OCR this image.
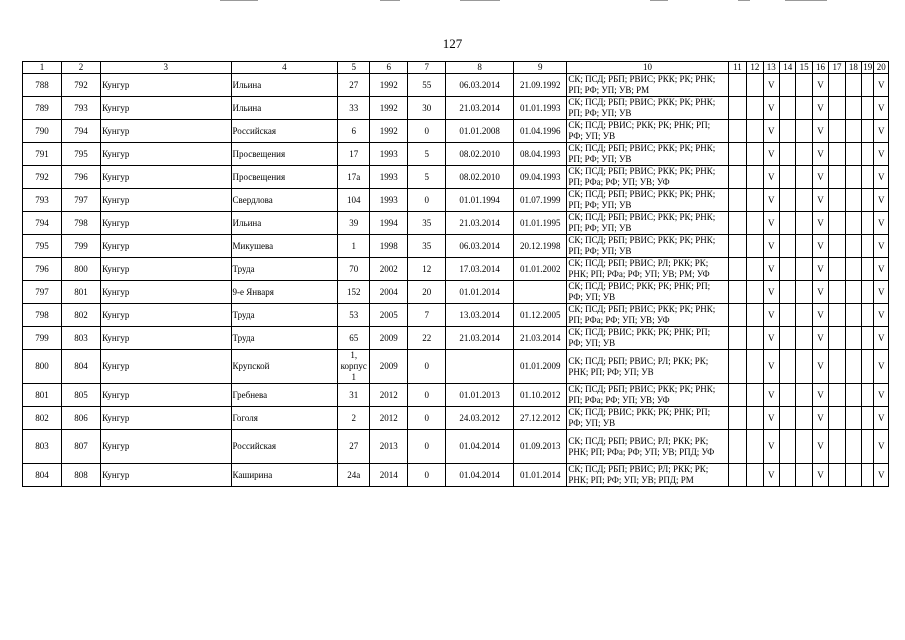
127
1	2	3	4	5	6	7	8	9	10	11	12	13	14	15	16	17	18	19	20
788	792	Кунгур	Ильина	27	1992	55	06.03.2014	21.09.1992	СК; ПСД; РБП; РВИС; РКК; РК; РНК; РП; РФ; УП; УВ; РМ			V			V				V
789	793	Кунгур	Ильина	33	1992	30	21.03.2014	01.01.1993	СК; ПСД; РБП; РВИС; РКК; РК; РНК; РП; РФ; УП; УВ			V			V				V
790	794	Кунгур	Российская	6	1992	0	01.01.2008	01.04.1996	СК; ПСД; РВИС; РКК; РК; РНК; РП; РФ; УП; УВ			V			V				V
791	795	Кунгур	Просвещения	17	1993	5	08.02.2010	08.04.1993	СК; ПСД; РБП; РВИС; РКК; РК; РНК; РП; РФ; УП; УВ			V			V				V
792	796	Кунгур	Просвещения	17а	1993	5	08.02.2010	09.04.1993	СК; ПСД; РБП; РВИС; РКК; РК; РНК; РП; РФа; РФ; УП; УВ; УФ			V			V				V
793	797	Кунгур	Свердлова	104	1993	0	01.01.1994	01.07.1999	СК; ПСД; РБП; РВИС; РКК; РК; РНК; РП; РФ; УП; УВ			V			V				V
794	798	Кунгур	Ильина	39	1994	35	21.03.2014	01.01.1995	СК; ПСД; РБП; РВИС; РКК; РК; РНК; РП; РФ; УП; УВ			V			V				V
795	799	Кунгур	Микушева	1	1998	35	06.03.2014	20.12.1998	СК; ПСД; РБП; РВИС; РКК; РК; РНК; РП; РФ; УП; УВ			V			V				V
796	800	Кунгур	Труда	70	2002	12	17.03.2014	01.01.2002	СК; ПСД; РБП; РВИС; РЛ; РКК; РК; РНК; РП; РФа; РФ; УП; УВ; РМ; УФ			V			V				V
797	801	Кунгур	9-е Января	152	2004	20	01.01.2014		СК; ПСД; РВИС; РКК; РК; РНК; РП; РФ; УП; УВ			V			V				V
798	802	Кунгур	Труда	53	2005	7	13.03.2014	01.12.2005	СК; ПСД; РБП; РВИС; РКК; РК; РНК; РП; РФа; РФ; УП; УВ; УФ			V			V				V
799	803	Кунгур	Труда	65	2009	22	21.03.2014	21.03.2014	СК; ПСД; РВИС; РКК; РК; РНК; РП; РФ; УП; УВ			V			V				V
800	804	Кунгур	Крупской	1, корпус 1	2009	0		01.01.2009	СК; ПСД; РБП; РВИС; РЛ; РКК; РК; РНК; РП; РФ; УП; УВ			V			V				V
801	805	Кунгур	Гребнева	31	2012	0	01.01.2013	01.10.2012	СК; ПСД; РБП; РВИС; РКК; РК; РНК; РП; РФа; РФ; УП; УВ; УФ			V			V				V
802	806	Кунгур	Гоголя	2	2012	0	24.03.2012	27.12.2012	СК; ПСД; РВИС; РКК; РК; РНК; РП; РФ; УП; УВ			V			V				V
803	807	Кунгур	Российская	27	2013	0	01.04.2014	01.09.2013	СК; ПСД; РБП; РВИС; РЛ; РКК; РК; РНК; РП; РФа; РФ; УП; УВ; РПД; УФ			V			V				V
804	808	Кунгур	Каширина	24а	2014	0	01.04.2014	01.01.2014	СК; ПСД; РБП; РВИС; РЛ; РКК; РК; РНК; РП; РФ; УП; УВ; РПД; РМ			V			V				V
